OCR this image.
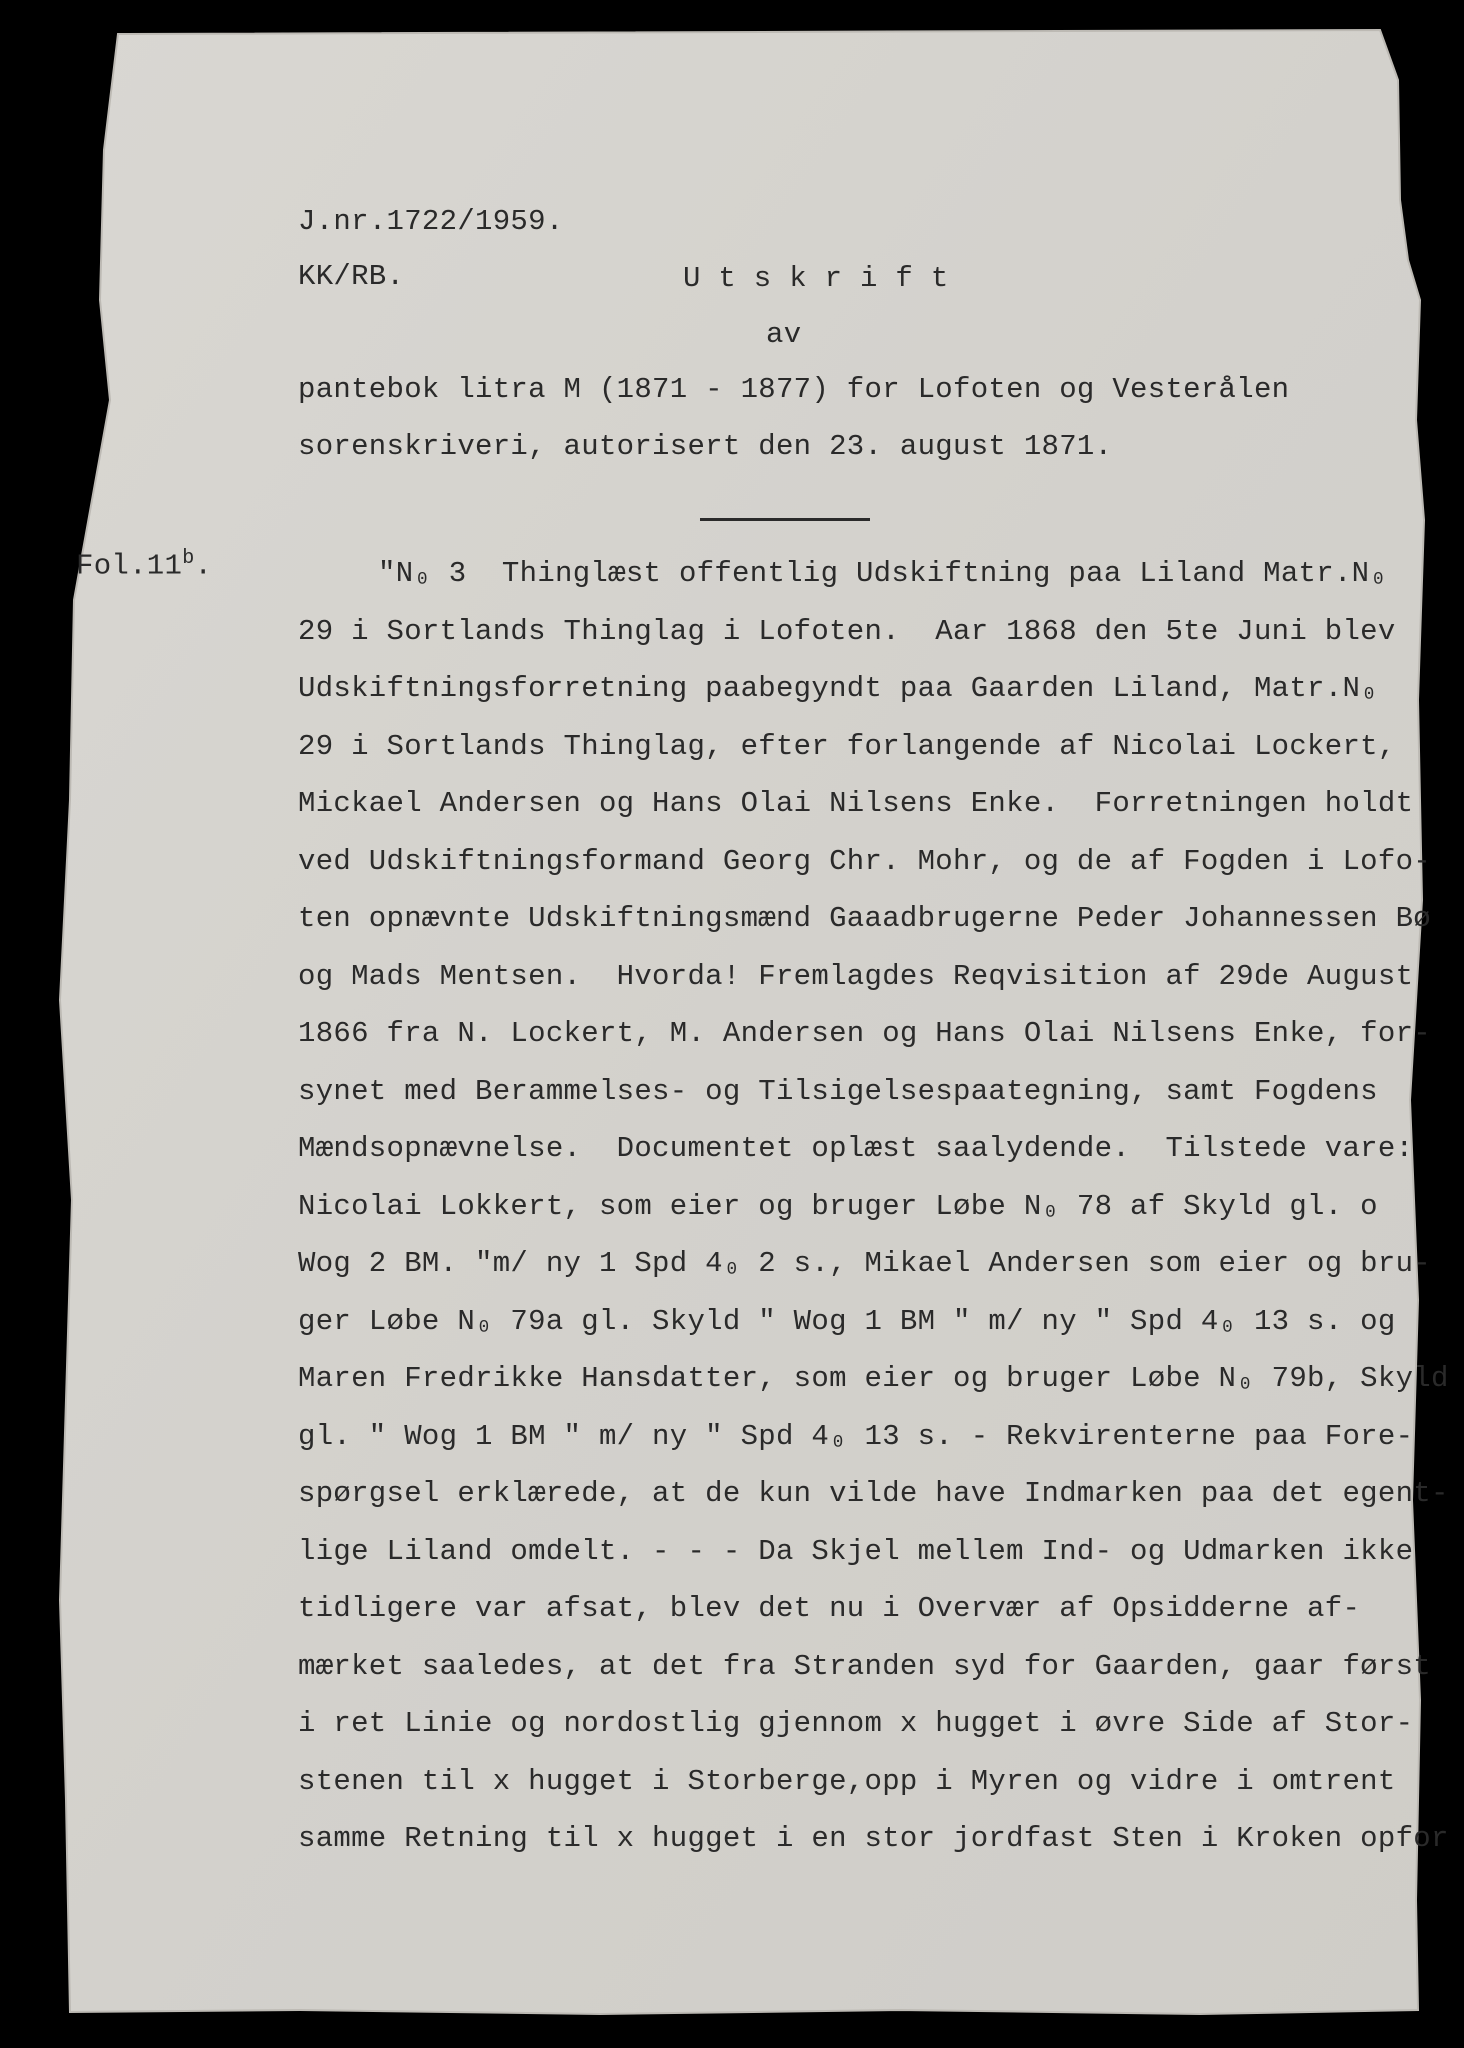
J.nr.1722/1959.
KK/RB.	Utskrift
av
pantebok litra M (1871 - 1877) for Lofoten og Vesterålen
sorenskriveri, autorisert den 23. august 1871.
Fol.11$^b$.	"N₀ 3  Thinglæst offentlig Udskiftning paa Liland Matr.N₀
29 i Sortlands Thinglag i Lofoten.  Aar 1868 den 5te Juni blev
Udskiftningsforretning paabegyndt paa Gaarden Liland, Matr.N₀
29 i Sortlands Thinglag, efter forlangende af Nicolai Lockert,
Mickael Andersen og Hans Olai Nilsens Enke.  Forretningen holdt
ved Udskiftningsformand Georg Chr. Mohr, og de af Fogden i Lofo-
ten opnævnte Udskiftningsmænd Gaaadbrugerne Peder Johannessen Bø
og Mads Mentsen.  Hvorda! Fremlagdes Reqvisition af 29de August
1866 fra N. Lockert, M. Andersen og Hans Olai Nilsens Enke, for-
synet med Berammelses- og Tilsigelsespaategning, samt Fogdens
Mændsopnævnelse.  Documentet oplæst saalydende.  Tilstede vare:
Nicolai Lokkert, som eier og bruger Løbe N₀ 78 af Skyld gl. o
Wog 2 BM. "m/ ny 1 Spd 4₀ 2 s., Mikael Andersen som eier og bru-
ger Løbe N₀ 79a gl. Skyld " Wog 1 BM " m/ ny " Spd 4₀ 13 s. og
Maren Fredrikke Hansdatter, som eier og bruger Løbe N₀ 79b, Skyld
gl. " Wog 1 BM " m/ ny " Spd 4₀ 13 s. - Rekvirenterne paa Fore-
spørgsel erklærede, at de kun vilde have Indmarken paa det egent-
lige Liland omdelt. - - - Da Skjel mellem Ind- og Udmarken ikke
tidligere var afsat, blev det nu i Overvær af Opsidderne af-
mærket saaledes, at det fra Stranden syd for Gaarden, gaar først
i ret Linie og nordostlig gjennom x hugget i øvre Side af Stor-
stenen til x hugget i Storberge,opp i Myren og vidre i omtrent
samme Retning til x hugget i en stor jordfast Sten i Kroken opfor
